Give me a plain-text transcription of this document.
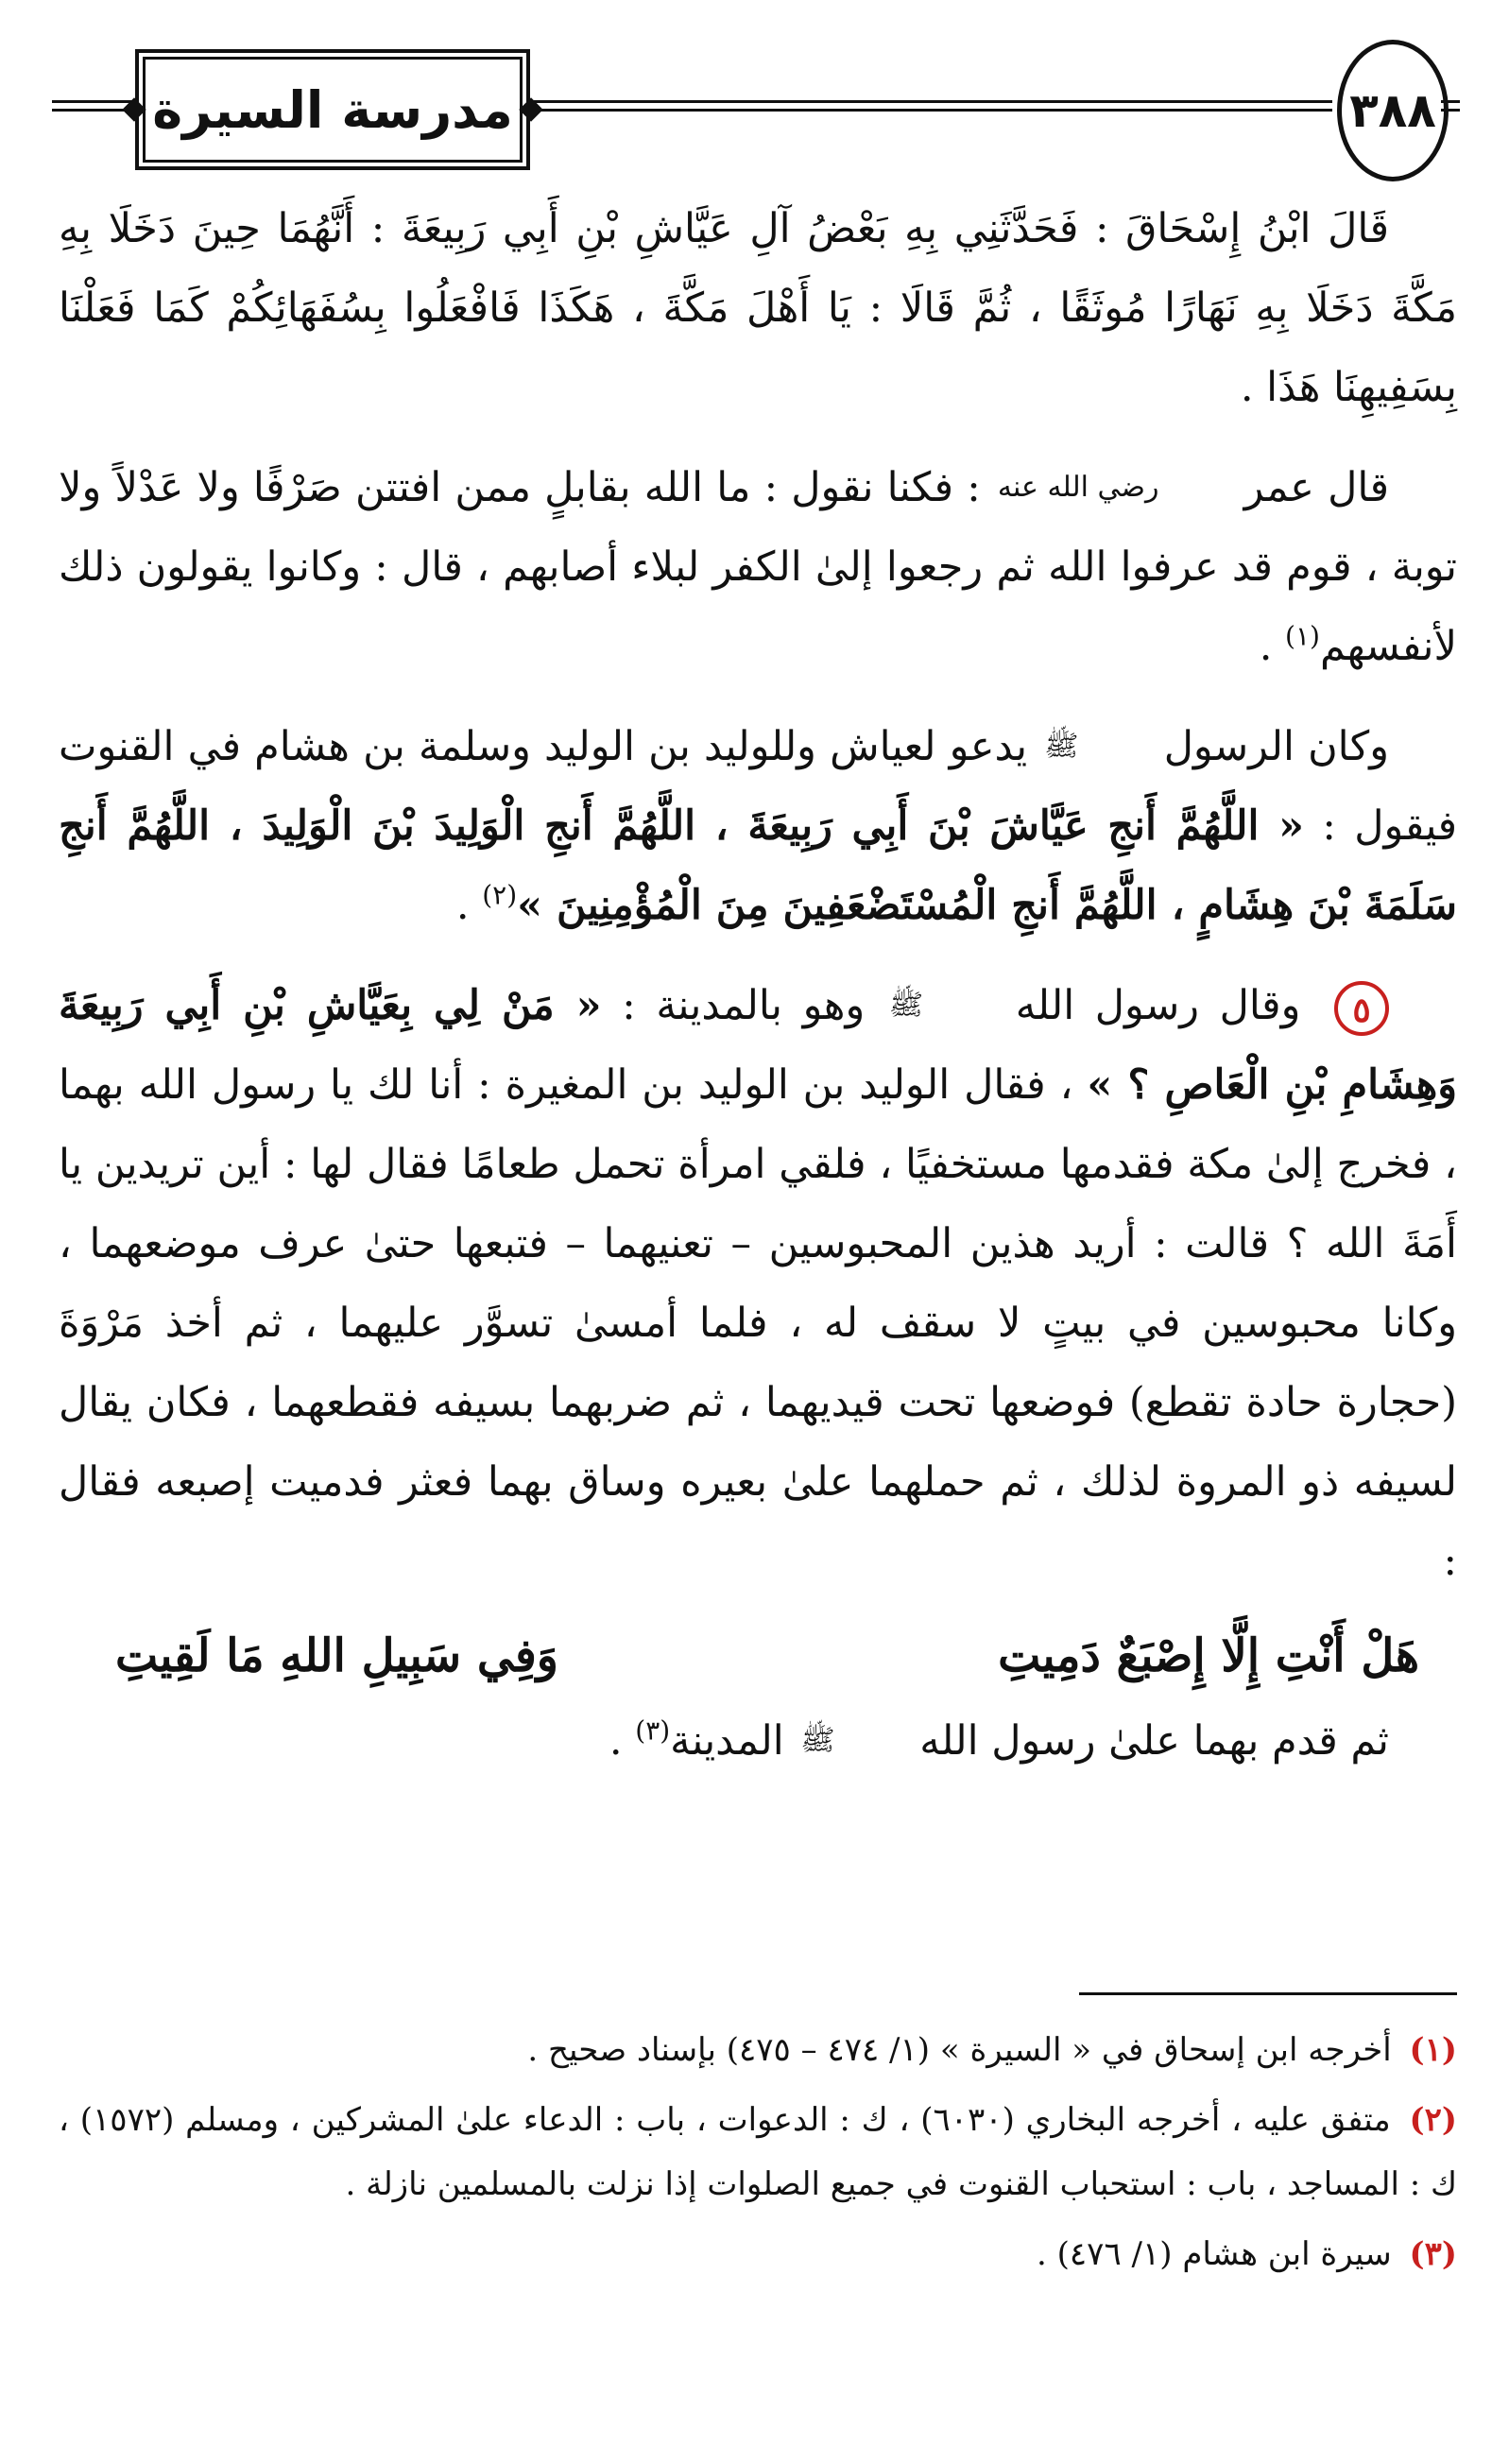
مدرسة السيرة	٣٨٨

قَالَ ابْنُ إِسْحَاقَ : فَحَدَّثَنِي بِهِ بَعْضُ آلِ عَيَّاشِ بْنِ أَبِي رَبِيعَةَ : أَنَّهُمَا حِينَ دَخَلَا بِهِ مَكَّةَ دَخَلَا بِهِ نَهَارًا مُوثَقًا ، ثُمَّ قَالَا : يَا أَهْلَ مَكَّةَ ، هَكَذَا فَافْعَلُوا بِسُفَهَائِكُمْ كَمَا فَعَلْنَا بِسَفِيهِنَا هَذَا .

قال عمر رضي الله عنه : فكنا نقول : ما الله بقابلٍ ممن افتتن صَرْفًا ولا عَدْلاً ولا توبة ، قوم قد عرفوا الله ثم رجعوا إلىٰ الكفر لبلاء أصابهم ، قال : وكانوا يقولون ذلك لأنفسهم$^{(١)}$ .

وكان الرسول ﷺ يدعو لعياش وللوليد بن الوليد وسلمة بن هشام في القنوت فيقول : « اللَّهُمَّ أَنجِ عَيَّاشَ بْنَ أَبِي رَبِيعَةَ ، اللَّهُمَّ أَنجِ الْوَلِيدَ بْنَ الْوَلِيدَ ، اللَّهُمَّ أَنجِ سَلَمَةَ بْنَ هِشَامٍ ، اللَّهُمَّ أَنجِ الْمُسْتَضْعَفِينَ مِنَ الْمُؤْمِنِينَ »$^{(٢)}$ .

٥ وقال رسول الله ﷺ وهو بالمدينة : « مَنْ لِي بِعَيَّاشِ بْنِ أَبِي رَبِيعَةَ وَهِشَامِ بْنِ الْعَاصِ ؟ » ، فقال الوليد بن الوليد بن المغيرة : أنا لك يا رسول الله بهما ، فخرج إلىٰ مكة فقدمها مستخفيًا ، فلقي امرأة تحمل طعامًا فقال لها : أين تريدين يا أَمَةَ الله ؟ قالت : أريد هذين المحبوسين – تعنيهما – فتبعها حتىٰ عرف موضعهما ، وكانا محبوسين في بيتٍ لا سقف له ، فلما أمسىٰ تسوَّر عليهما ، ثم أخذ مَرْوَةَ (حجارة حادة تقطع) فوضعها تحت قيديهما ، ثم ضربهما بسيفه فقطعهما ، فكان يقال لسيفه ذو المروة لذلك ، ثم حملهما علىٰ بعيره وساق بهما فعثر فدميت إصبعه فقال :

هَلْ أَنْتِ إِلَّا إِصْبَعٌ دَمِيتِ
وَفِي سَبِيلِ اللهِ مَا لَقِيتِ

ثم قدم بهما علىٰ رسول الله ﷺ المدينة$^{(٣)}$ .

(١) أخرجه ابن إسحاق في « السيرة » (١/ ٤٧٤ – ٤٧٥) بإسناد صحيح .

(٢) متفق عليه ، أخرجه البخاري (٦٠٣٠) ، ك : الدعوات ، باب : الدعاء علىٰ المشركين ، ومسلم (١٥٧٢) ، ك : المساجد ، باب : استحباب القنوت في جميع الصلوات إذا نزلت بالمسلمين نازلة .

(٣) سيرة ابن هشام (١/ ٤٧٦) .
